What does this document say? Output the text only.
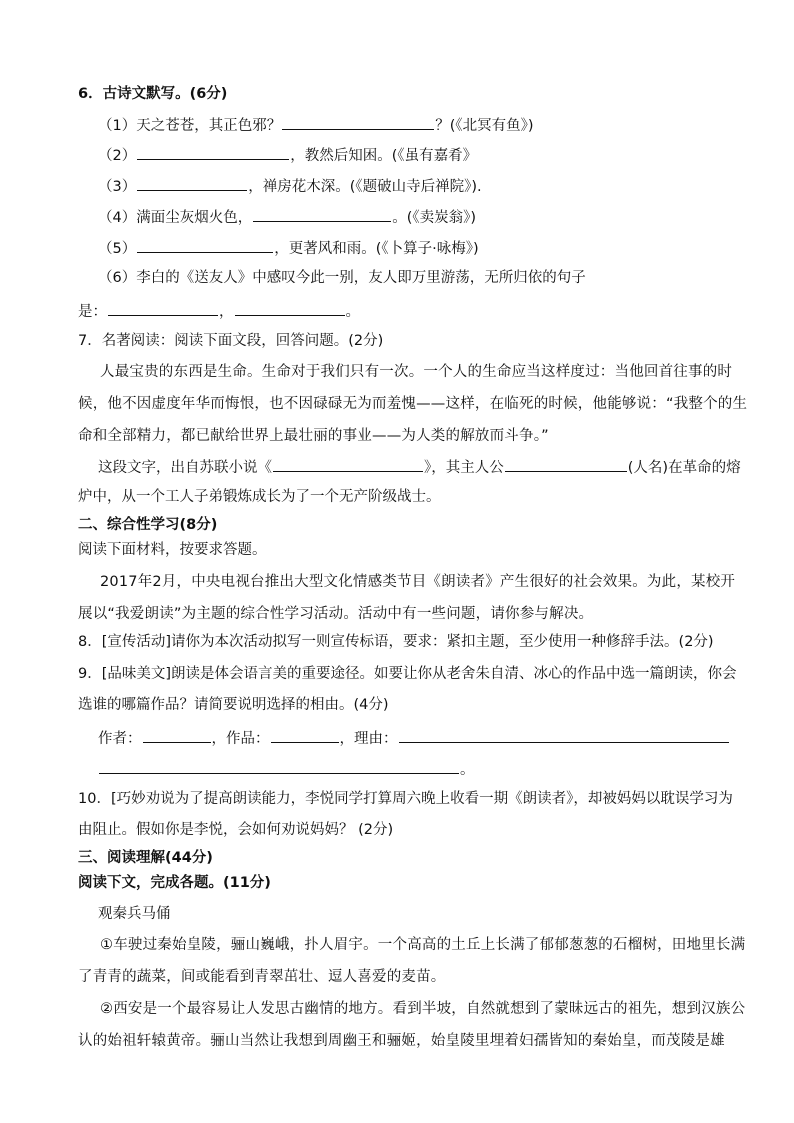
6．古诗文默写。(6分)
（1）天之苍苍，其正色邪？	？(《北冥有鱼》)
（2）	，教然后知困。(《虽有嘉肴》
（3）	，禅房花木深。(《题破山寺后禅院》).
（4）满面尘灰烟火色，	。(《卖炭翁》)
（5）	，更著风和雨。(《卜算子·咏梅》)
（6）李白的《送友人》中感叹今此一别，友人即万里游荡，无所归依的句子
是：	，	。
7．名著阅读：阅读下面文段，回答问题。(2分)
人最宝贵的东西是生命。生命对于我们只有一次。一个人的生命应当这样度过：当他回首往事的时候，他不因虚度年华而悔恨，也不因碌碌无为而羞愧——这样，在临死的时候，他能够说：“我整个的生命和全部精力，都已献给世界上最壮丽的事业——为人类的解放而斗争。”
这段文字，出自苏联小说《	》，其主人公	(人名)在革命的熔
炉中，从一个工人子弟锻炼成长为了一个无产阶级战士。
二、综合性学习(8分)
阅读下面材料，按要求答题。
2017年2月，中央电视台推出大型文化情感类节目《朗读者》产生很好的社会效果。为此，某校开展以“我爱朗读”为主题的综合性学习活动。活动中有一些问题，请你参与解决。
8．[宣传活动]请你为本次活动拟写一则宣传标语，要求：紧扣主题，至少使用一种修辞手法。(2分)
9．[品味美文]朗读是体会语言美的重要途径。如要让你从老舍朱自清、冰心的作品中选一篇朗读，你会
选谁的哪篇作品？请简要说明选择的相由。(4分)
作者：	，作品：	，理由：
。
10．[巧妙劝说为了提高朗读能力，李悦同学打算周六晚上收看一期《朗读者》，却被妈妈以耽误学习为
由阻止。假如你是李悦，会如何劝说妈妈？ (2分)
三、阅读理解(44分)
阅读下文，完成各题。(11分)
观秦兵马俑
①车驶过秦始皇陵，骊山巍峨，扑人眉宇。一个高高的土丘上长满了郁郁葱葱的石榴树，田地里长满了青青的蔬菜，间或能看到青翠茁壮、逗人喜爱的麦苗。
②西安是一个最容易让人发思古幽情的地方。看到半坡，自然就想到了蒙昧远古的祖先，想到汉族公认的始祖轩辕黄帝。骊山当然让我想到周幽王和骊姬，始皇陵里埋着妇孺皆知的秦始皇，而茂陵是雄
